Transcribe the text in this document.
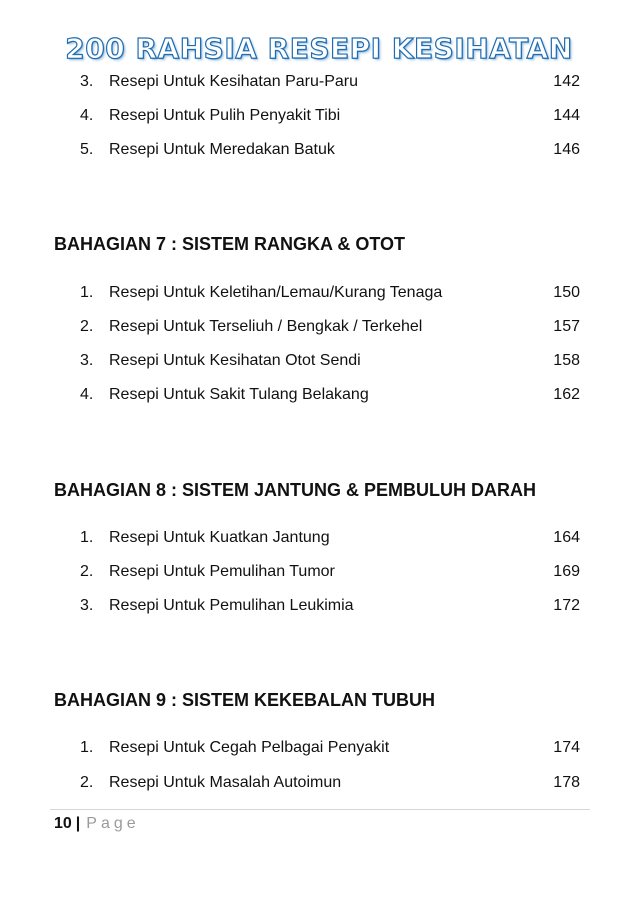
200 RAHSIA RESEPI KESIHATAN
3. Resepi Untuk Kesihatan Paru-Paru	142
4. Resepi Untuk Pulih Penyakit Tibi	144
5. Resepi Untuk Meredakan Batuk	146
BAHAGIAN 7 : SISTEM RANGKA & OTOT
1. Resepi Untuk Keletihan/Lemau/Kurang Tenaga	150
2. Resepi Untuk Terseliuh / Bengkak / Terkehel	157
3. Resepi Untuk Kesihatan Otot Sendi	158
4. Resepi Untuk Sakit Tulang Belakang	162
BAHAGIAN 8 : SISTEM JANTUNG & PEMBULUH DARAH
1. Resepi Untuk Kuatkan Jantung	164
2. Resepi Untuk Pemulihan Tumor	169
3. Resepi Untuk Pemulihan Leukimia	172
BAHAGIAN 9 : SISTEM KEKEBALAN TUBUH
1. Resepi Untuk Cegah Pelbagai Penyakit	174
2. Resepi Untuk Masalah Autoimun	178
10 | Page
